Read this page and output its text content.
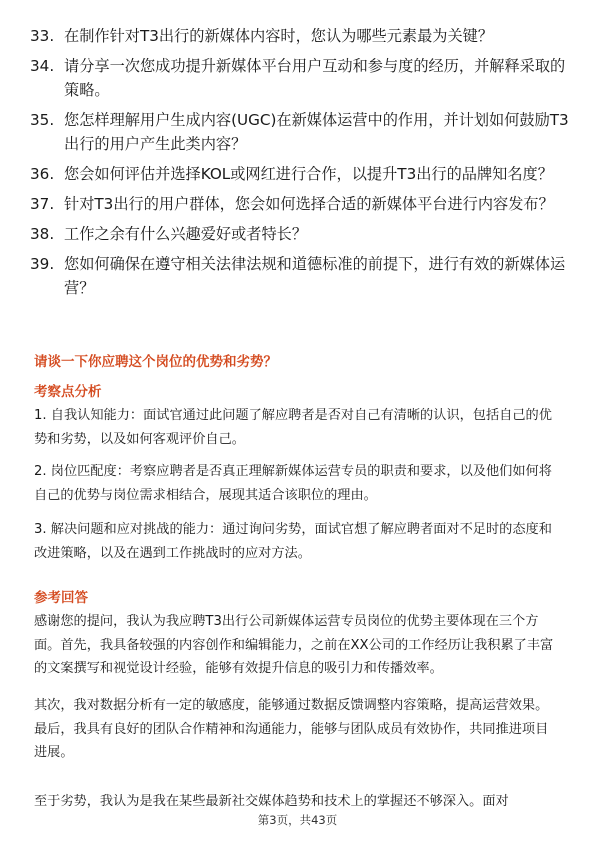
33. 在制作针对T3出行的新媒体内容时，您认为哪些元素最为关键？
34. 请分享一次您成功提升新媒体平台用户互动和参与度的经历，并解释采取的策略。
35. 您怎样理解用户生成内容(UGC)在新媒体运营中的作用，并计划如何鼓励T3出行的用户产生此类内容？
36. 您会如何评估并选择KOL或网红进行合作，以提升T3出行的品牌知名度？
37. 针对T3出行的用户群体，您会如何选择合适的新媒体平台进行内容发布？
38. 工作之余有什么兴趣爱好或者特长？
39. 您如何确保在遵守相关法律法规和道德标准的前提下，进行有效的新媒体运营？
请谈一下你应聘这个岗位的优势和劣势？
考察点分析
1. 自我认知能力：面试官通过此问题了解应聘者是否对自己有清晰的认识，包括自己的优势和劣势，以及如何客观评价自己。
2. 岗位匹配度：考察应聘者是否真正理解新媒体运营专员的职责和要求，以及他们如何将自己的优势与岗位需求相结合，展现其适合该职位的理由。
3. 解决问题和应对挑战的能力：通过询问劣势，面试官想了解应聘者面对不足时的态度和改进策略，以及在遇到工作挑战时的应对方法。
参考回答
感谢您的提问，我认为我应聘T3出行公司新媒体运营专员岗位的优势主要体现在三个方面。首先，我具备较强的内容创作和编辑能力，之前在XX公司的工作经历让我积累了丰富的文案撰写和视觉设计经验，能够有效提升信息的吸引力和传播效率。
其次，我对数据分析有一定的敏感度，能够通过数据反馈调整内容策略，提高运营效果。最后，我具有良好的团队合作精神和沟通能力，能够与团队成员有效协作，共同推进项目进展。
至于劣势，我认为是我在某些最新社交媒体趋势和技术上的掌握还不够深入。面对
第3页，共43页
